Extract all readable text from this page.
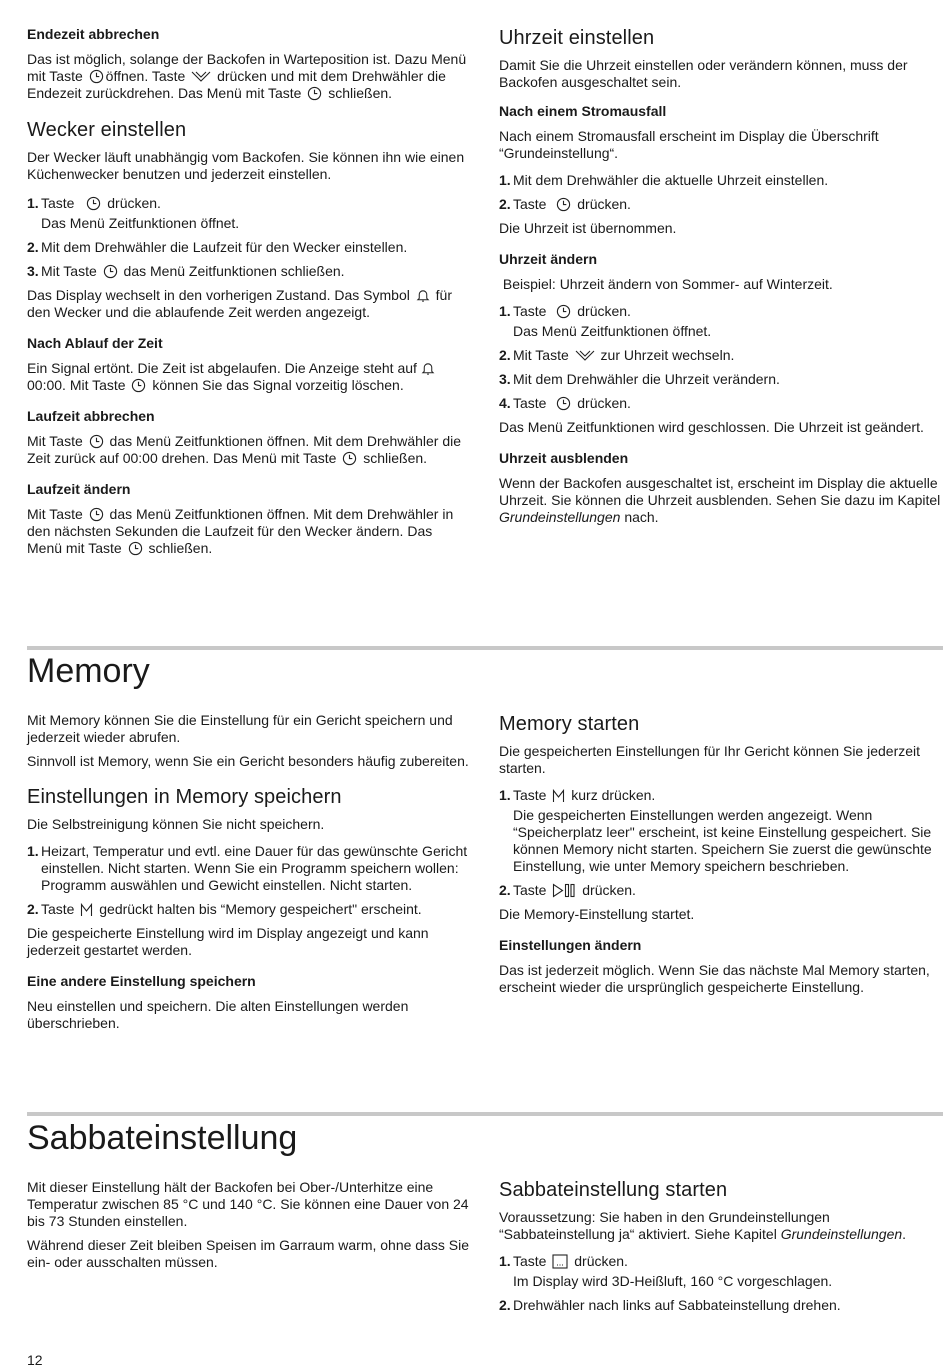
Endezeit abbrechen

Das ist möglich, solange der Backofen in Warteposition ist. Dazu Menü mit Taste öffnen. Taste drücken und mit dem Drehwähler die Endezeit zurückdrehen. Das Menü mit Taste schließen.

Wecker einstellen

Der Wecker läuft unabhängig vom Backofen. Sie können ihn wie einen Küchenwecker benutzen und jederzeit einstellen.

1. Taste drücken.

Das Menü Zeitfunktionen öffnet.

2. Mit dem Drehwähler die Laufzeit für den Wecker einstellen.
3. Mit Taste das Menü Zeitfunktionen schließen.

Das Display wechselt in den vorherigen Zustand. Das Symbol für den Wecker und die ablaufende Zeit werden angezeigt.

Nach Ablauf der Zeit

Ein Signal ertönt. Die Zeit ist abgelaufen. Die Anzeige steht auf  00:00. Mit Taste können Sie das Signal vorzeitig löschen.

Laufzeit abbrechen

Mit Taste das Menü Zeitfunktionen öffnen. Mit dem Drehwähler die Zeit zurück auf 00:00 drehen. Das Menü mit Taste schließen.

Laufzeit ändern

Mit Taste das Menü Zeitfunktionen öffnen. Mit dem Drehwähler in den nächsten Sekunden die Laufzeit für den Wecker ändern. Das Menü mit Taste schließen.

Uhrzeit einstellen

Damit Sie die Uhrzeit einstellen oder verändern können, muss der Backofen ausgeschaltet sein.

Nach einem Stromausfall

Nach einem Stromausfall erscheint im Display die Überschrift “Grundeinstellung“.

1. Mit dem Drehwähler die aktuelle Uhrzeit einstellen.
2. Taste drücken.

Die Uhrzeit ist übernommen.

Uhrzeit ändern

Beispiel: Uhrzeit ändern von Sommer- auf Winterzeit.

1. Taste drücken.

Das Menü Zeitfunktionen öffnet.

2. Mit Taste zur Uhrzeit wechseln.
3. Mit dem Drehwähler die Uhrzeit verändern.
4. Taste drücken.

Das Menü Zeitfunktionen wird geschlossen. Die Uhrzeit ist geändert.

Uhrzeit ausblenden

Wenn der Backofen ausgeschaltet ist, erscheint im Display die aktuelle Uhrzeit. Sie können die Uhrzeit ausblenden. Sehen Sie dazu im Kapitel Grundeinstellungen nach.

Memory

Mit Memory können Sie die Einstellung für ein Gericht speichern und jederzeit wieder abrufen.

Sinnvoll ist Memory, wenn Sie ein Gericht besonders häufig zubereiten.

Einstellungen in Memory speichern

Die Selbstreinigung können Sie nicht speichern.

1. Heizart, Temperatur und evtl. eine Dauer für das gewünschte Gericht einstellen. Nicht starten. Wenn Sie ein Programm speichern wollen: Programm auswählen und Gewicht einstellen. Nicht starten.
2. Taste gedrückt halten bis “Memory gespeichert" erscheint.

Die gespeicherte Einstellung wird im Display angezeigt und kann jederzeit gestartet werden.

Eine andere Einstellung speichern

Neu einstellen und speichern. Die alten Einstellungen werden überschrieben.

Memory starten

Die gespeicherten Einstellungen für Ihr Gericht können Sie jederzeit starten.

1. Taste kurz drücken.

Die gespeicherten Einstellungen werden angezeigt. Wenn “Speicherplatz leer" erscheint, ist keine Einstellung gespeichert. Sie können Memory nicht starten. Speichern Sie zuerst die gewünschte Einstellung, wie unter Memory speichern beschrieben.

2. Taste	drücken.

Die Memory-Einstellung startet.

Einstellungen ändern

Das ist jederzeit möglich. Wenn Sie das nächste Mal Memory starten, erscheint wieder die ursprünglich gespeicherte Einstellung.

Sabbateinstellung

Mit dieser Einstellung hält der Backofen bei Ober-/Unterhitze eine Temperatur zwischen 85 °C und 140 °C. Sie können eine Dauer von 24 bis 73 Stunden einstellen.

Während dieser Zeit bleiben Speisen im Garraum warm, ohne dass Sie ein- oder ausschalten müssen.

Sabbateinstellung starten

Voraussetzung: Sie haben in den Grundeinstellungen “Sabbateinstellung ja“ aktiviert. Siehe Kapitel Grundeinstellungen.

1. Taste drücken.

Im Display wird 3D-Heißluft, 160 °C vorgeschlagen.

2. Drehwähler nach links auf Sabbateinstellung drehen.
12
